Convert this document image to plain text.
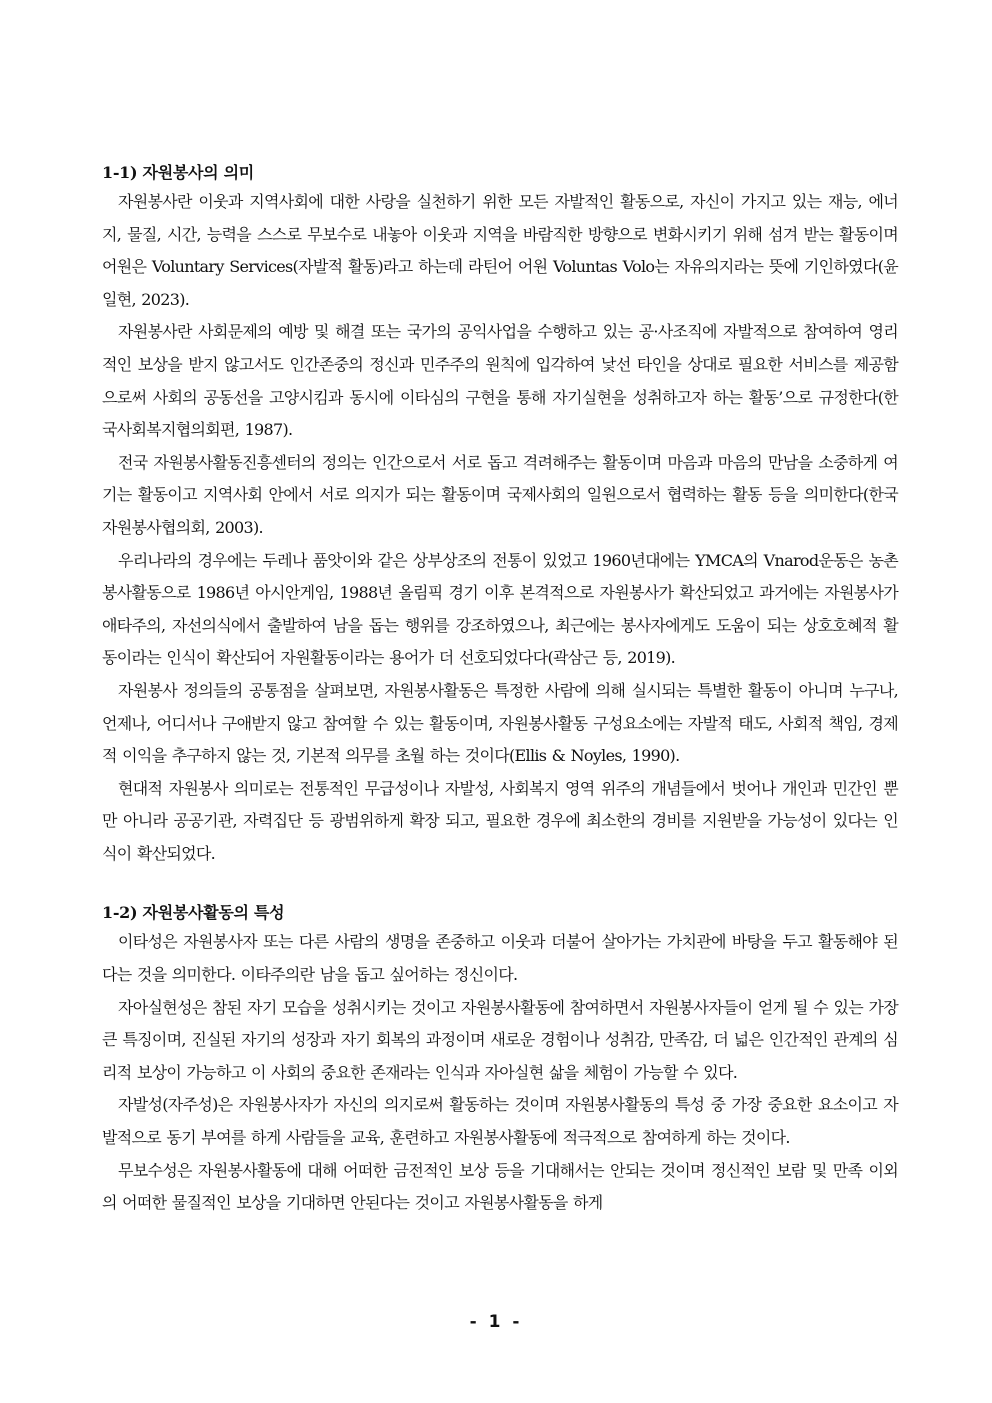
1-1) 자원봉사의 의미

자원봉사란 이웃과 지역사회에 대한 사랑을 실천하기 위한 모든 자발적인 활동으로, 자신이 가지고 있는 재능, 에너지, 물질, 시간, 능력을 스스로 무보수로 내놓아 이웃과 지역을 바람직한 방향으로 변화시키기 위해 섬겨 받는 활동이며 어원은 Voluntary Services(자발적 활동)라고 하는데 라틴어 어원 Voluntas Volo는 자유의지라는 뜻에 기인하였다(윤일현, 2023).

자원봉사란 사회문제의 예방 및 해결 또는 국가의 공익사업을 수행하고 있는 공·사조직에 자발적으로 참여하여 영리적인 보상을 받지 않고서도 인간존중의 정신과 민주주의 원칙에 입각하여 낯선 타인을 상대로 필요한 서비스를 제공함으로써 사회의 공동선을 고양시킴과 동시에 이타심의 구현을 통해 자기실현을 성취하고자 하는 활동’으로 규정한다(한국사회복지협의회편, 1987).

전국 자원봉사활동진흥센터의 정의는 인간으로서 서로 돕고 격려해주는 활동이며 마음과 마음의 만남을 소중하게 여기는 활동이고 지역사회 안에서 서로 의지가 되는 활동이며 국제사회의 일원으로서 협력하는 활동 등을 의미한다(한국자원봉사협의회, 2003).

우리나라의 경우에는 두레나 품앗이와 같은 상부상조의 전통이 있었고 1960년대에는 YMCA의 Vnarod운동은 농촌 봉사활동으로 1986년 아시안게임, 1988년 올림픽 경기 이후 본격적으로 자원봉사가 확산되었고 과거에는 자원봉사가 애타주의, 자선의식에서 출발하여 남을 돕는 행위를 강조하였으나, 최근에는 봉사자에게도 도움이 되는 상호호혜적 활동이라는 인식이 확산되어 자원활동이라는 용어가 더 선호되었다다(곽삼근 등, 2019).

자원봉사 정의들의 공통점을 살펴보면, 자원봉사활동은 특정한 사람에 의해 실시되는 특별한 활동이 아니며 누구나, 언제나, 어디서나 구애받지 않고 참여할 수 있는 활동이며, 자원봉사활동 구성요소에는 자발적 태도, 사회적 책임, 경제적 이익을 추구하지 않는 것, 기본적 의무를 초월 하는 것이다(Ellis & Noyles, 1990).

현대적 자원봉사 의미로는 전통적인 무급성이나 자발성, 사회복지 영역 위주의 개념들에서 벗어나 개인과 민간인 뿐만 아니라 공공기관, 자력집단 등 광범위하게 확장 되고, 필요한 경우에 최소한의 경비를 지원받을 가능성이 있다는 인식이 확산되었다.

1-2) 자원봉사활동의 특성

이타성은 자원봉사자 또는 다른 사람의 생명을 존중하고 이웃과 더불어 살아가는 가치관에 바탕을 두고 활동해야 된다는 것을 의미한다. 이타주의란 남을 돕고 싶어하는 정신이다.

자아실현성은 참된 자기 모습을 성취시키는 것이고 자원봉사활동에 참여하면서 자원봉사자들이 얻게 될 수 있는 가장 큰 특징이며, 진실된 자기의 성장과 자기 회복의 과정이며 새로운 경험이나 성취감, 만족감, 더 넓은 인간적인 관계의 심리적 보상이 가능하고 이 사회의 중요한 존재라는 인식과 자아실현 삶을 체험이 가능할 수 있다.

자발성(자주성)은 자원봉사자가 자신의 의지로써 활동하는 것이며 자원봉사활동의 특성 중 가장 중요한 요소이고 자발적으로 동기 부여를 하게 사람들을 교육, 훈련하고 자원봉사활동에 적극적으로 참여하게 하는 것이다.

무보수성은 자원봉사활동에 대해 어떠한 금전적인 보상 등을 기대해서는 안되는 것이며 정신적인 보람 및 만족 이외의 어떠한 물질적인 보상을 기대하면 안된다는 것이고 자원봉사활동을 하게

- 1 -
